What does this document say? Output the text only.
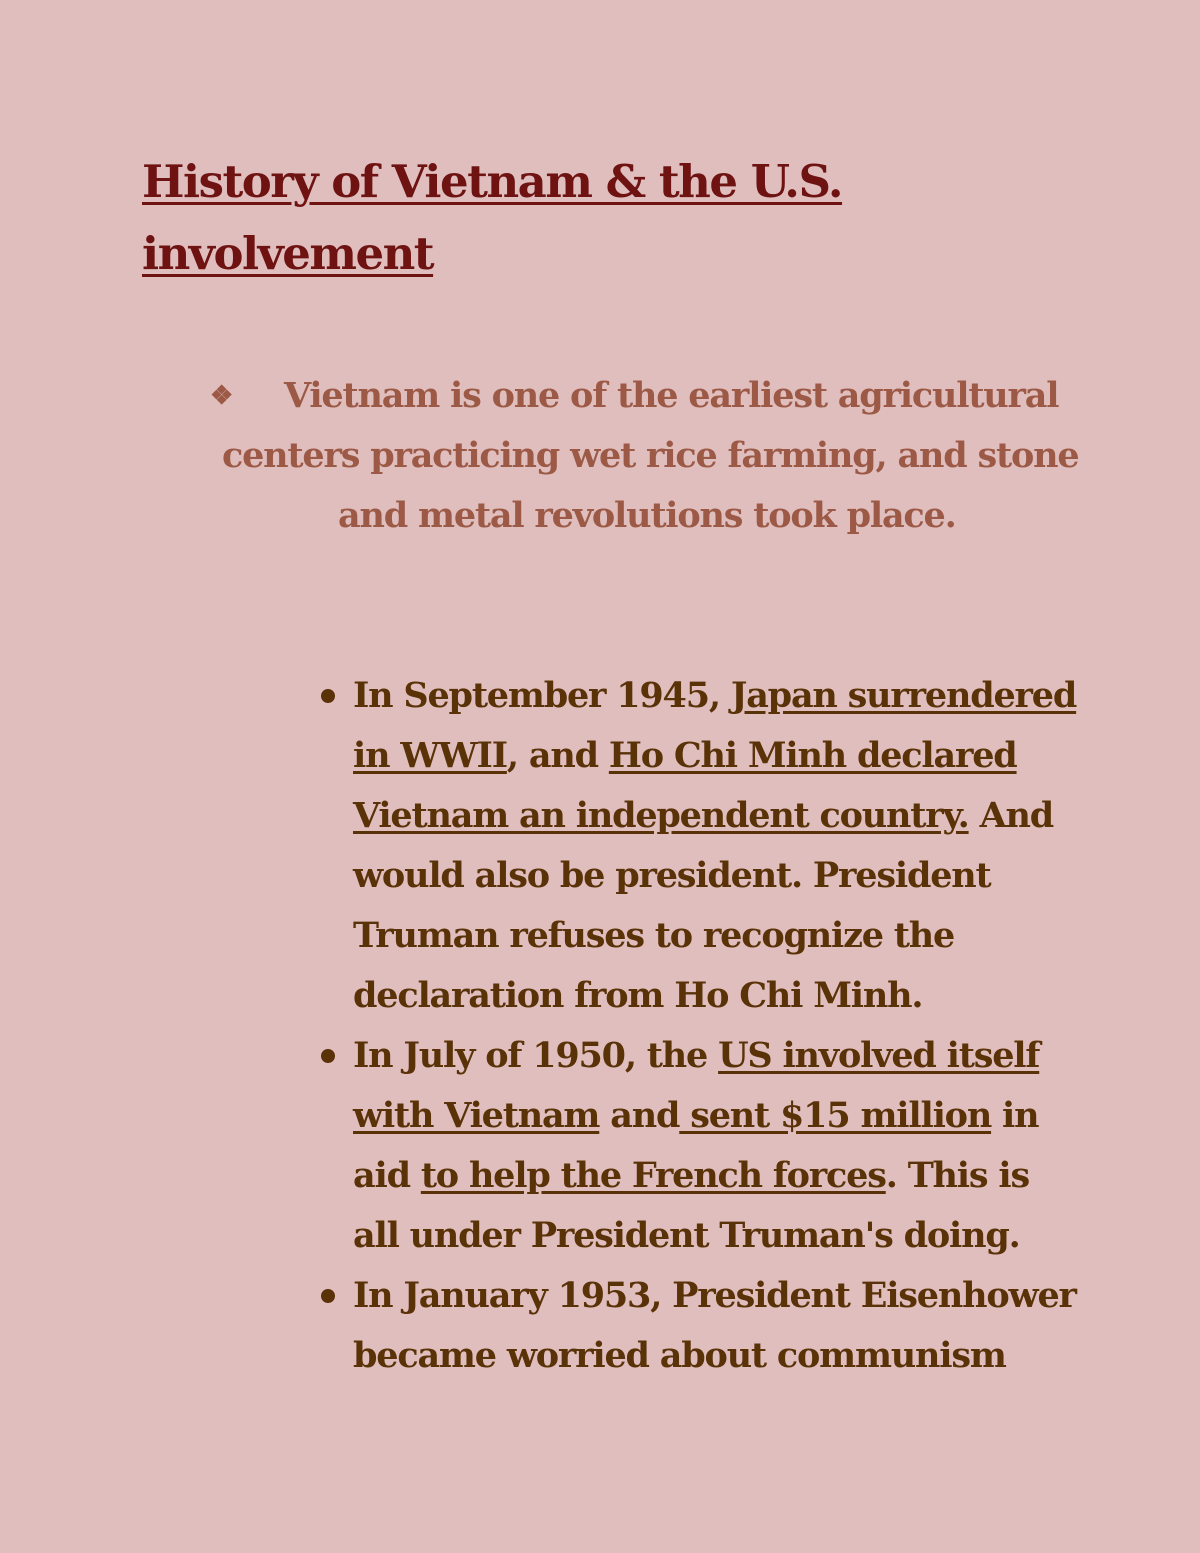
History of Vietnam & the U.S.
involvement
❖ Vietnam is one of the earliest agricultural
centers practicing wet rice farming, and stone
and metal revolutions took place.
In September 1945, Japan surrendered
in WWII, and Ho Chi Minh declared
Vietnam an independent country. And
would also be president. President
Truman refuses to recognize the
declaration from Ho Chi Minh.
In July of 1950, the US involved itself
with Vietnam and sent $15 million in
aid to help the French forces. This is
all under President Truman's doing.
In January 1953, President Eisenhower
became worried about communism
